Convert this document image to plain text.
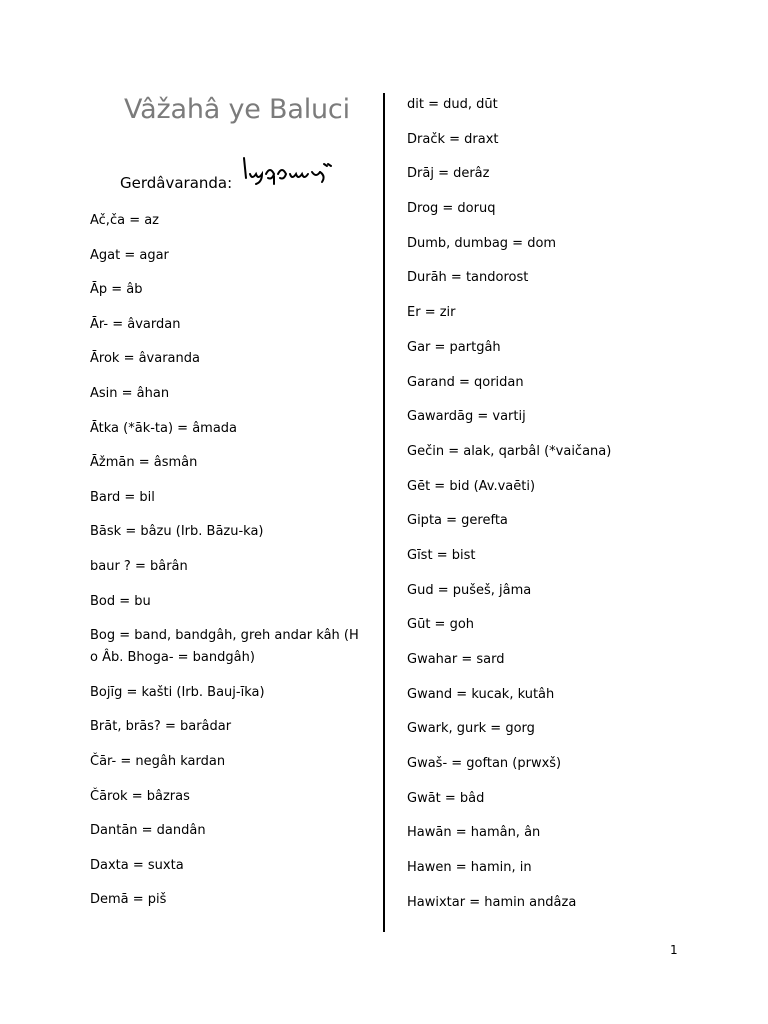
Vâžahâ ye Baluci
Gerdâvaranda:

Ač,ča = az

Agat = agar

Āp = âb

Ār- = âvardan

Ārok = âvaranda

Asin = âhan

Ātka (*āk-ta) = âmada

Āžmān = âsmân

Bard = bil

Bāsk = bâzu (Irb. Bāzu-ka)

baur ? = bârân

Bod = bu

Bog = band, bandgâh, greh andar kâh (H o Âb. Bhoga- = bandgâh)

Bojīg = kašti (Irb. Bauj-īka)

Brāt, brās? = barâdar

Čār- = negâh kardan

Čārok = bâzras

Dantān = dandân

Daxta = suxta

Demā = piš

dit = dud, dūt

Dračk = draxt

Drāj = derâz

Drog = doruq

Dumb, dumbag = dom

Durāh = tandorost

Er = zir

Gar = partgâh

Garand = qoridan

Gawardāg = vartij

Gečin = alak, qarbâl (*vaičana)

Gēt = bid (Av.vaēti)

Gipta = gerefta

Gīst = bist

Gud = pušeš, jâma

Gūt = goh

Gwahar = sard

Gwand = kucak, kutâh

Gwark, gurk = gorg

Gwaš- = goftan (prwxš)

Gwāt = bâd

Hawān = hamân, ân

Hawen = hamin, in

Hawixtar = hamin andâza

1
